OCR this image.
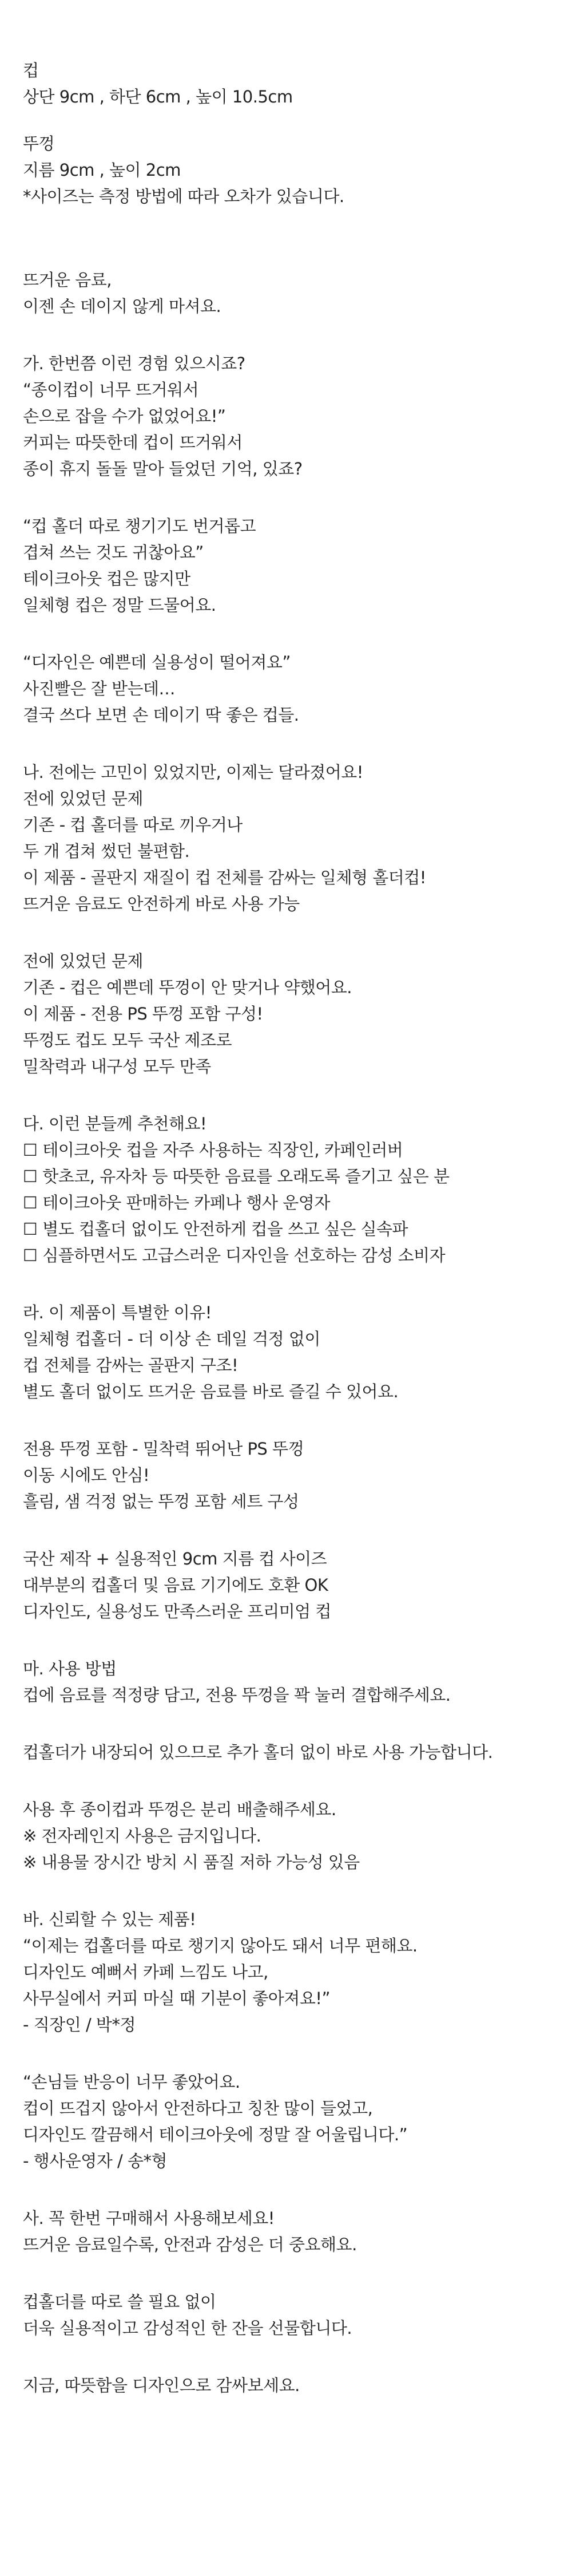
컵
상단 9cm , 하단 6cm , 높이 10.5cm
뚜껑
지름 9cm , 높이 2cm
*사이즈는 측정 방법에 따라 오차가 있습니다.
뜨거운 음료,
이젠 손 데이지 않게 마셔요.
가. 한번쯤 이런 경험 있으시죠?
“종이컵이 너무 뜨거워서
손으로 잡을 수가 없었어요!”
커피는 따뜻한데 컵이 뜨거워서
종이 휴지 돌돌 말아 들었던 기억, 있죠?
“컵 홀더 따로 챙기기도 번거롭고
겹쳐 쓰는 것도 귀찮아요”
테이크아웃 컵은 많지만
일체형 컵은 정말 드물어요.
“디자인은 예쁜데 실용성이 떨어져요”
사진빨은 잘 받는데…
결국 쓰다 보면 손 데이기 딱 좋은 컵들.
나. 전에는 고민이 있었지만, 이제는 달라졌어요!
전에 있었던 문제
기존 - 컵 홀더를 따로 끼우거나
두 개 겹쳐 썼던 불편함.
이 제품 - 골판지 재질이 컵 전체를 감싸는 일체형 홀더컵!
뜨거운 음료도 안전하게 바로 사용 가능
전에 있었던 문제
기존 - 컵은 예쁜데 뚜껑이 안 맞거나 약했어요.
이 제품 - 전용 PS 뚜껑 포함 구성!
뚜껑도 컵도 모두 국산 제조로
밀착력과 내구성 모두 만족
다. 이런 분들께 추천해요!
☐ 테이크아웃 컵을 자주 사용하는 직장인, 카페인러버
☐ 핫초코, 유자차 등 따뜻한 음료를 오래도록 즐기고 싶은 분
☐ 테이크아웃 판매하는 카페나 행사 운영자
☐ 별도 컵홀더 없이도 안전하게 컵을 쓰고 싶은 실속파
☐ 심플하면서도 고급스러운 디자인을 선호하는 감성 소비자
라. 이 제품이 특별한 이유!
일체형 컵홀더 - 더 이상 손 데일 걱정 없이
컵 전체를 감싸는 골판지 구조!
별도 홀더 없이도 뜨거운 음료를 바로 즐길 수 있어요.
전용 뚜껑 포함 - 밀착력 뛰어난 PS 뚜껑
이동 시에도 안심!
흘림, 샘 걱정 없는 뚜껑 포함 세트 구성
국산 제작 + 실용적인 9cm 지름 컵 사이즈
대부분의 컵홀더 및 음료 기기에도 호환 OK
디자인도, 실용성도 만족스러운 프리미엄 컵
마. 사용 방법
컵에 음료를 적정량 담고, 전용 뚜껑을 꽉 눌러 결합해주세요.
컵홀더가 내장되어 있으므로 추가 홀더 없이 바로 사용 가능합니다.
사용 후 종이컵과 뚜껑은 분리 배출해주세요.
※ 전자레인지 사용은 금지입니다.
※ 내용물 장시간 방치 시 품질 저하 가능성 있음
바. 신뢰할 수 있는 제품!
“이제는 컵홀더를 따로 챙기지 않아도 돼서 너무 편해요.
디자인도 예뻐서 카페 느낌도 나고,
사무실에서 커피 마실 때 기분이 좋아져요!”
- 직장인 / 박*정
“손님들 반응이 너무 좋았어요.
컵이 뜨겁지 않아서 안전하다고 칭찬 많이 들었고,
디자인도 깔끔해서 테이크아웃에 정말 잘 어울립니다.”
- 행사운영자 / 송*형
사. 꼭 한번 구매해서 사용해보세요!
뜨거운 음료일수록, 안전과 감성은 더 중요해요.
컵홀더를 따로 쓸 필요 없이
더욱 실용적이고 감성적인 한 잔을 선물합니다.
지금, 따뜻함을 디자인으로 감싸보세요.
